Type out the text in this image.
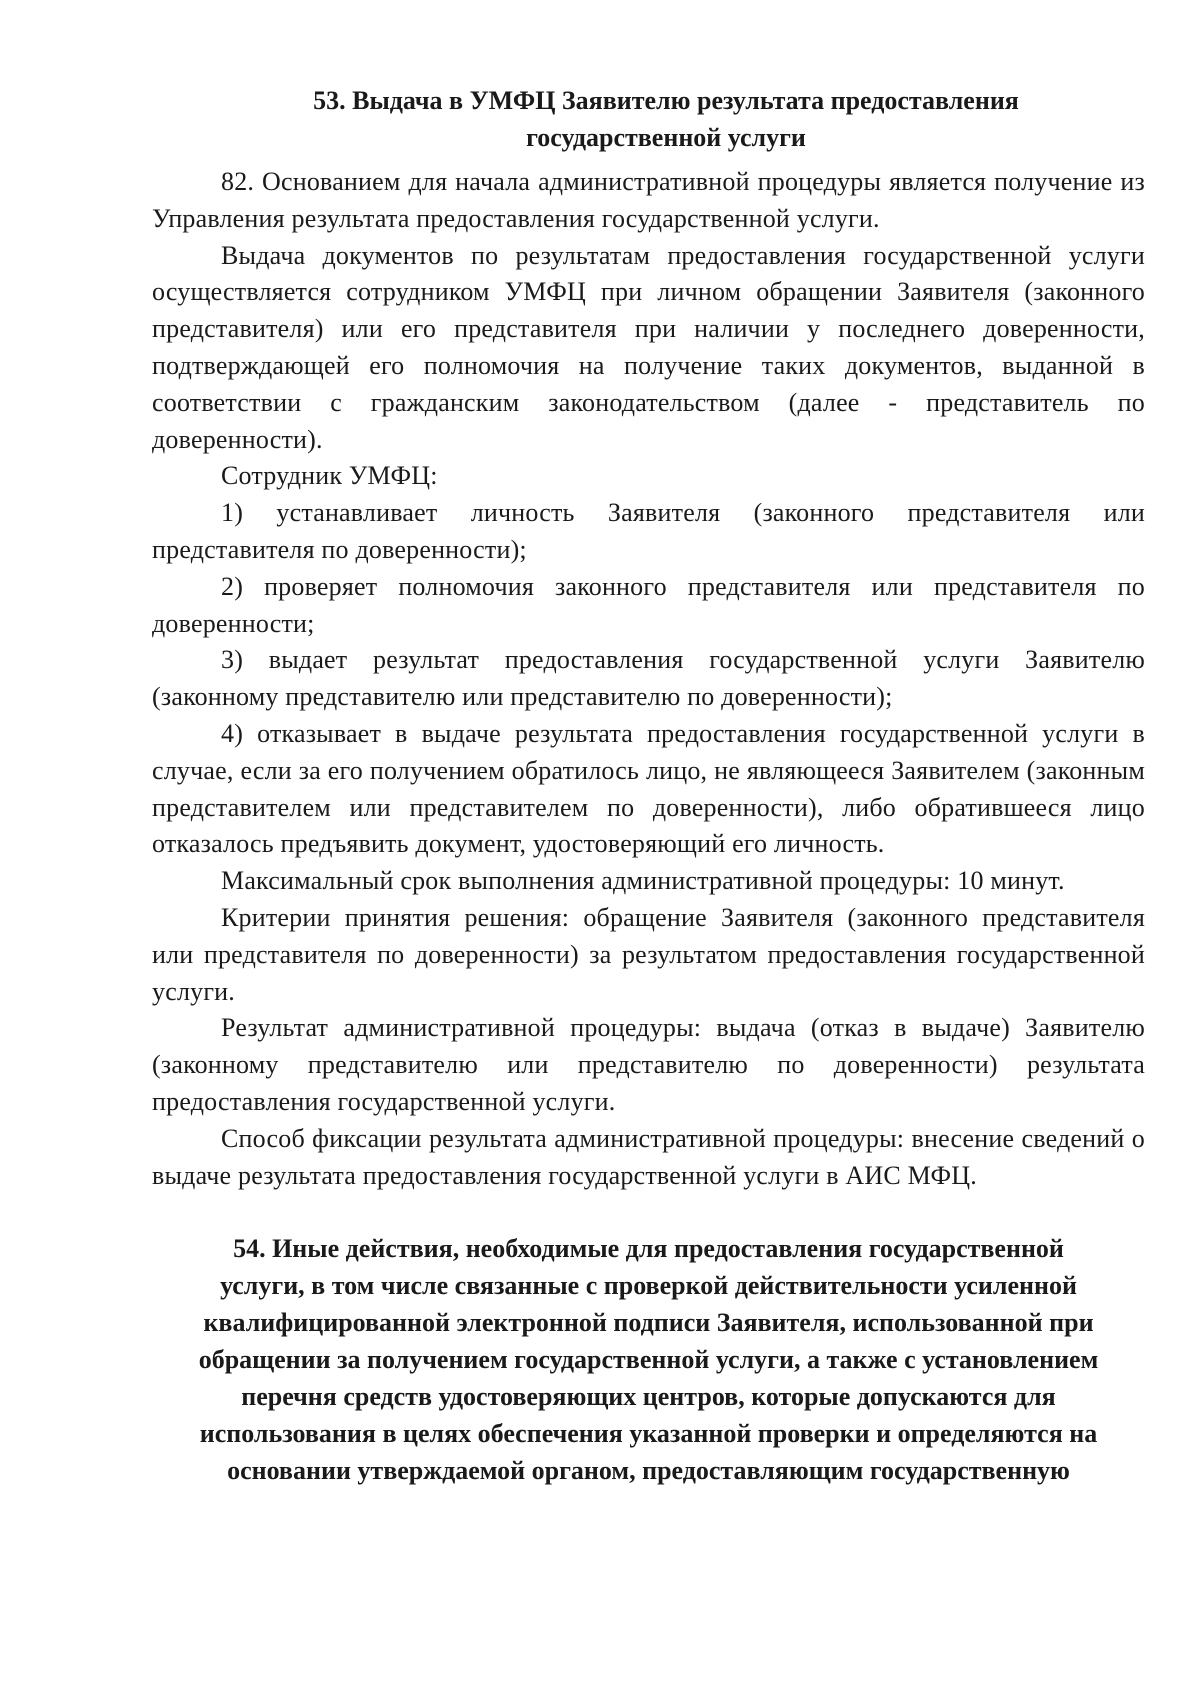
53. Выдача в УМФЦ Заявителю результата предоставления государственной услуги

82. Основанием для начала административной процедуры является получение из Управления результата предоставления государственной услуги.

Выдача документов по результатам предоставления государственной услуги осуществляется сотрудником УМФЦ при личном обращении Заявителя (законного представителя) или его представителя при наличии у последнего доверенности, подтверждающей его полномочия на получение таких документов, выданной в соответствии с гражданским законодательством (далее - представитель по доверенности).

Сотрудник УМФЦ:

1) устанавливает личность Заявителя (законного представителя или представителя по доверенности);

2) проверяет полномочия законного представителя или представителя по доверенности;

3) выдает результат предоставления государственной услуги Заявителю (законному представителю или представителю по доверенности);

4) отказывает в выдаче результата предоставления государственной услуги в случае, если за его получением обратилось лицо, не являющееся Заявителем (законным представителем или представителем по доверенности), либо обратившееся лицо отказалось предъявить документ, удостоверяющий его личность.

Максимальный срок выполнения административной процедуры: 10 минут.

Критерии принятия решения: обращение Заявителя (законного представителя или представителя по доверенности) за результатом предоставления государственной услуги.

Результат административной процедуры: выдача (отказ в выдаче) Заявителю (законному представителю или представителю по доверенности) результата предоставления государственной услуги.

Способ фиксации результата административной процедуры: внесение сведений о выдаче результата предоставления государственной услуги в АИС МФЦ.

54. Иные действия, необходимые для предоставления государственной услуги, в том числе связанные с проверкой действительности усиленной квалифицированной электронной подписи Заявителя, использованной при обращении за получением государственной услуги, а также с установлением перечня средств удостоверяющих центров, которые допускаются для использования в целях обеспечения указанной проверки и определяются на основании утверждаемой органом, предоставляющим государственную
